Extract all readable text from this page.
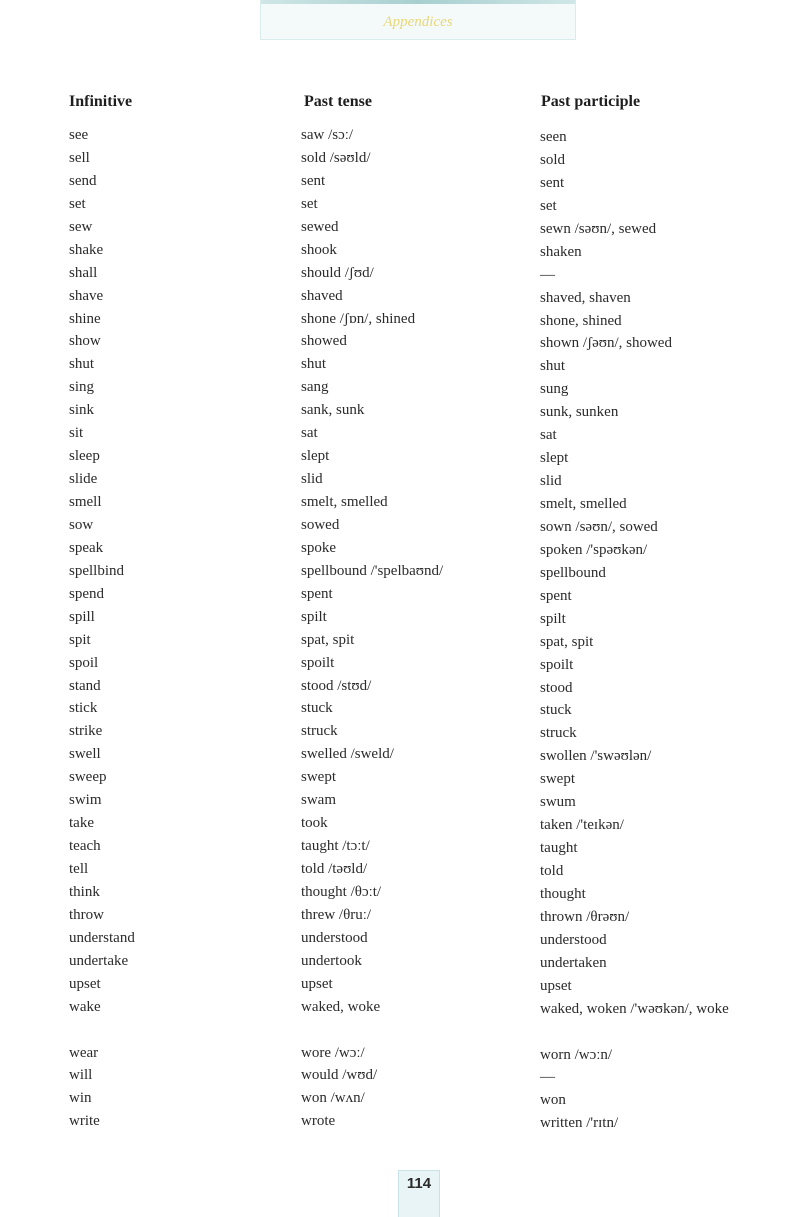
Appendices
Infinitive	Past tense	Past participle
see
sell
send
set
sew
shake
shall
shave
shine
show
shut
sing
sink
sit
sleep
slide
smell
sow
speak
spellbind
spend
spill
spit
spoil
stand
stick
strike
swell
sweep
swim
take
teach
tell
think
throw
understand
undertake
upset
wake
wear
will
win
write
saw /sɔː/
sold /səʊld/
sent
set
sewed
shook
should /ʃʊd/
shaved
shone /ʃɒn/, shined
showed
shut
sang
sank, sunk
sat
slept
slid
smelt, smelled
sowed
spoke
spellbound /'spelbaʊnd/
spent
spilt
spat, spit
spoilt
stood /stʊd/
stuck
struck
swelled /sweld/
swept
swam
took
taught /tɔːt/
told /təʊld/
thought /θɔːt/
threw /θruː/
understood
undertook
upset
waked, woke
wore /wɔː/
would /wʊd/
won /wʌn/
wrote
seen
sold
sent
set
sewn /səʊn/, sewed
shaken
—
shaved, shaven
shone, shined
shown /ʃəʊn/, showed
shut
sung
sunk, sunken
sat
slept
slid
smelt, smelled
sown /səʊn/, sowed
spoken /'spəʊkən/
spellbound
spent
spilt
spat, spit
spoilt
stood
stuck
struck
swollen /'swəʊlən/
swept
swum
taken /'teɪkən/
taught
told
thought
thrown /θrəʊn/
understood
undertaken
upset
waked, woken /'wəʊkən/, woke
worn /wɔːn/
—
won
written /'rɪtn/
114
